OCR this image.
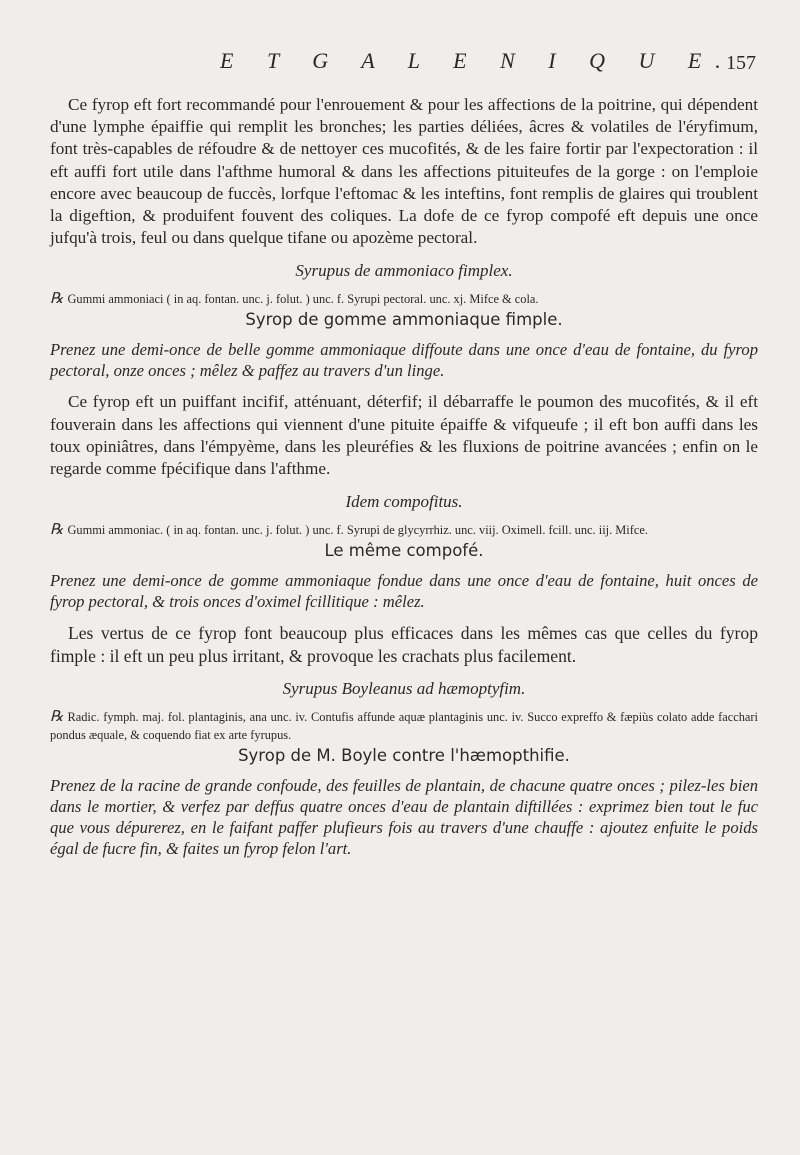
E T G A L E N I Q U E.
157

Ce fyrop eft fort recommandé pour l'enrouement & pour les affections de la poitrine, qui dépendent d'une lymphe épaiffie qui remplit les bronches; les parties déliées, âcres & volatiles de l'éryfimum, font très-capables de réfoudre & de nettoyer ces mucofités, & de les faire fortir par l'expectoration : il eft auffi fort utile dans l'afthme humoral & dans les affections pituiteufes de la gorge : on l'emploie encore avec beaucoup de fuccès, lorfque l'eftomac & les inteftins, font remplis de glaires qui troublent la digeftion, & produifent fouvent des coliques. La dofe de ce fyrop compofé eft depuis une once jufqu'à trois, feul ou dans quelque tifane ou apozème pectoral.

Syrupus de ammoniaco fimplex.

℞ Gummi ammoniaci ( in aq. fontan. unc. j. folut. ) unc. f. Syrupi pectoral. unc. xj. Mifce & cola.

Syrop de gomme ammoniaque fimple.

Prenez une demi-once de belle gomme ammoniaque diffoute dans une once d'eau de fontaine, du fyrop pectoral, onze onces ; mêlez & paffez au travers d'un linge.

Ce fyrop eft un puiffant incifif, atténuant, déterfif; il débarraffe le poumon des mucofités, & il eft fouverain dans les affections qui viennent d'une pituite épaiffe & vifqueufe ; il eft bon auffi dans les toux opiniâtres, dans l'émpyème, dans les pleuréfies & les fluxions de poitrine avancées ; enfin on le regarde comme fpécifique dans l'afthme.

Idem compofitus.

℞ Gummi ammoniac. ( in aq. fontan. unc. j. folut. ) unc. f. Syrupi de glycyrrhiz. unc. viij. Oximell. fcill. unc. iij. Mifce.

Le même compofé.

Prenez une demi-once de gomme ammoniaque fondue dans une once d'eau de fontaine, huit onces de fyrop pectoral, & trois onces d'oximel fcillitique : mêlez.

Les vertus de ce fyrop font beaucoup plus efficaces dans les mêmes cas que celles du fyrop fimple : il eft un peu plus irritant, & provoque les crachats plus facilement.

Syrupus Boyleanus ad hæmoptyfim.

℞ Radic. fymph. maj. fol. plantaginis, ana unc. iv. Contufis affunde aquæ plantaginis unc. iv. Succo expreffo & fæpiùs colato adde facchari pondus æquale, & coquendo fiat ex arte fyrupus.

Syrop de M. Boyle contre l'hæmopthifie.

Prenez de la racine de grande confoude, des feuilles de plantain, de chacune quatre onces ; pilez-les bien dans le mortier, & verfez par deffus quatre onces d'eau de plantain diftillées : exprimez bien tout le fuc que vous dépurerez, en le faifant paffer plufieurs fois au travers d'une chauffe : ajoutez enfuite le poids égal de fucre fin, & faites un fyrop felon l'art.
